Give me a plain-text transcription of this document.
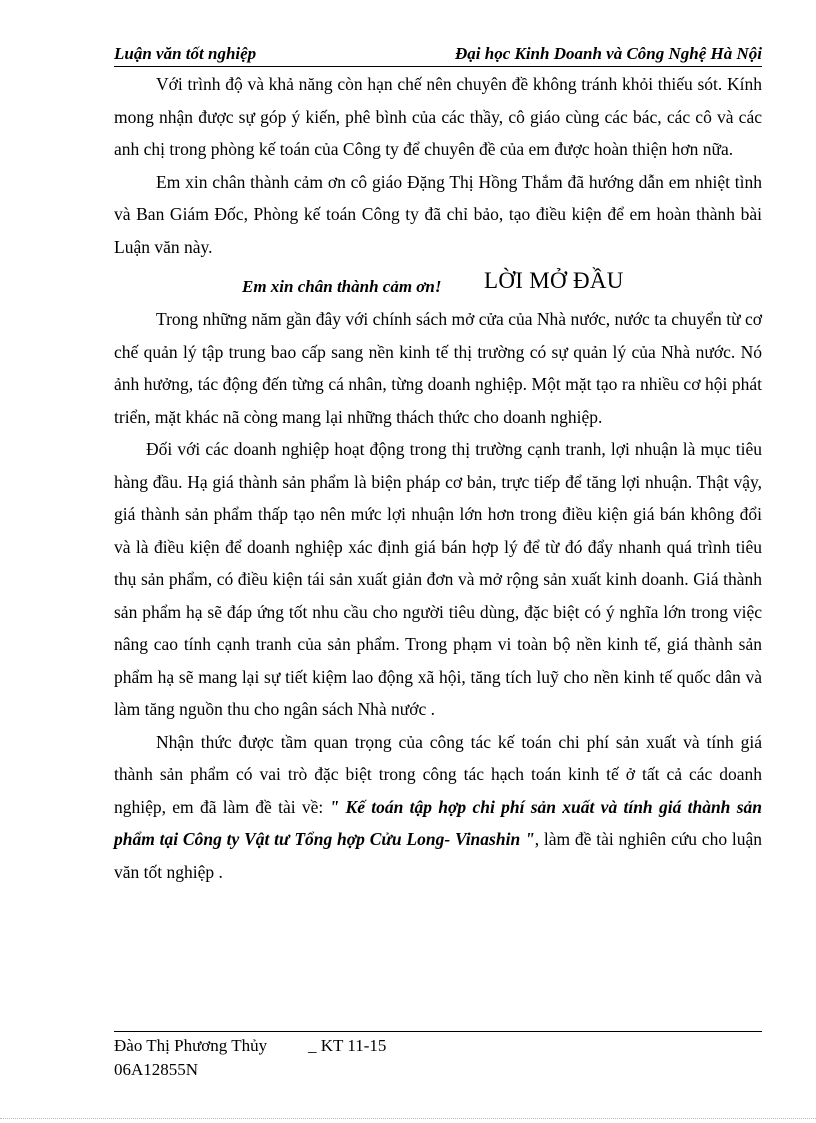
Luận văn tốt nghiệp	Đại học Kinh Doanh và Công Nghệ Hà Nội

Với trình độ và khả năng còn hạn chế nên chuyên đề không tránh khỏi thiếu sót. Kính mong nhận được sự góp ý kiến, phê bình của các thầy, cô giáo cùng các bác, các cô và các anh chị trong phòng kế toán của Công ty để chuyên đề của em được hoàn thiện hơn nữa.

Em xin chân thành cảm ơn cô giáo Đặng Thị Hồng Thắm đã hướng dẫn em nhiệt tình và Ban Giám Đốc, Phòng kế toán Công ty đã chỉ bảo, tạo điều kiện để em hoàn thành bài Luận văn này.

Em xin chân thành cảm ơn! LỜI MỞ ĐẦU

Trong những năm gần đây với chính sách mở cửa của Nhà nước, nước ta chuyển từ cơ chế quản lý tập trung bao cấp sang nền kinh tế thị trường có sự quản lý của Nhà nước. Nó ảnh hưởng, tác động đến từng cá nhân, từng doanh nghiệp. Một mặt tạo ra nhiều cơ hội phát triển, mặt khác nã còng mang lại những thách thức cho doanh nghiệp.

Đối với các doanh nghiệp hoạt động trong thị trường cạnh tranh, lợi nhuận là mục tiêu hàng đầu. Hạ giá thành sản phẩm là biện pháp cơ bản, trực tiếp để tăng lợi nhuận. Thật vậy, giá thành sản phẩm thấp tạo nên mức lợi nhuận lớn hơn trong điều kiện giá bán không đổi và là điều kiện để doanh nghiệp xác định giá bán hợp lý để từ đó đẩy nhanh quá trình tiêu thụ sản phẩm, có điều kiện tái sản xuất giản đơn và mở rộng sản xuất kinh doanh. Giá thành sản phẩm hạ sẽ đáp ứng tốt nhu cầu cho người tiêu dùng, đặc biệt có ý nghĩa lớn trong việc nâng cao tính cạnh tranh của sản phẩm. Trong phạm vi toàn bộ nền kinh tế, giá thành sản phẩm hạ sẽ mang lại sự tiết kiệm lao động xã hội, tăng tích luỹ cho nền kinh tế quốc dân và làm tăng nguồn thu cho ngân sách Nhà nước .

Nhận thức được tầm quan trọng của công tác kế toán chi phí sản xuất và tính giá thành sản phẩm có vai trò đặc biệt trong công tác hạch toán kinh tế ở tất cả các doanh nghiệp, em đã làm đề tài về: " Kế toán tập hợp chi phí sản xuất và tính giá thành sản phẩm tại Công ty Vật tư Tổng hợp Cửu Long- Vinashin ", làm đề tài nghiên cứu cho luận văn tốt nghiệp .

Đào Thị Phương Thủy _ KT 11-15
06A12855N
